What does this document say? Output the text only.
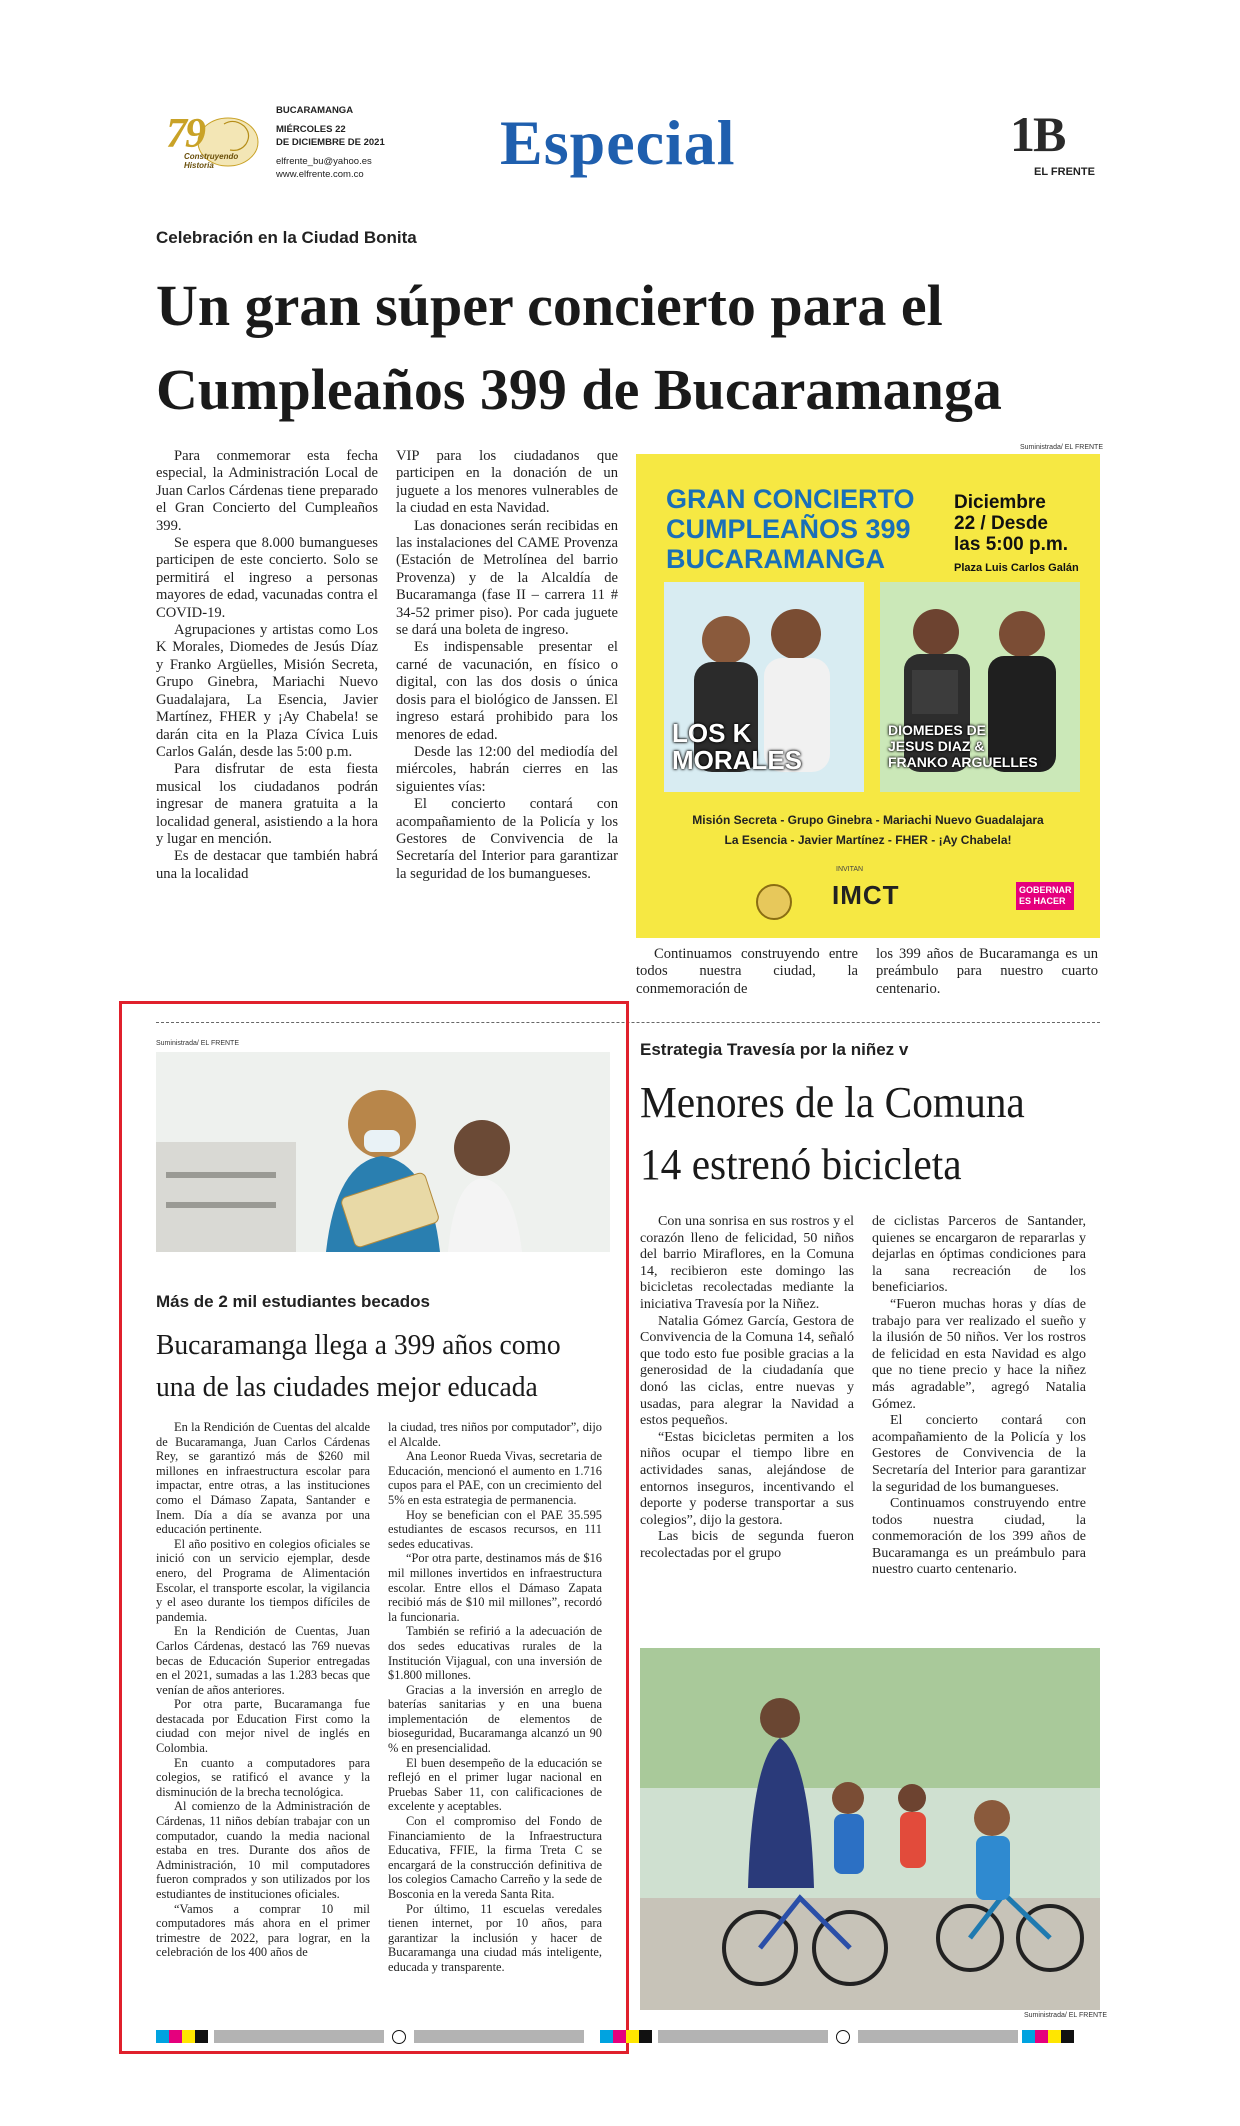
79
Construyendo Historia
BUCARAMANGA
MIÉRCOLES 22
DE DICIEMBRE DE 2021
elfrente_bu@yahoo.es
www.elfrente.com.co	Especial	1B
EL FRENTE
Celebración en la Ciudad Bonita
Un gran súper concierto para el
Cumpleaños 399 de Bucaramanga

Para conmemorar esta fecha especial, la Administración Local de Juan Carlos Cárdenas tiene preparado el Gran Concierto del Cumpleaños 399.

Se espera que 8.000 bumangueses participen de este concierto. Solo se permitirá el ingreso a personas mayores de edad, vacunadas contra el COVID-19.

Agrupaciones y artistas como Los K Morales, Diomedes de Jesús Díaz y Franko Argüelles, Misión Secreta, Grupo Ginebra, Mariachi Nuevo Guadalajara, La Esencia, Javier Martínez, FHER y ¡Ay Chabela! se darán cita en la Plaza Cívica Luis Carlos Galán, desde las 5:00 p.m.

Para disfrutar de esta fiesta musical los ciudadanos podrán ingresar de manera gratuita a la localidad general, asistiendo a la hora y lugar en mención.

Es de destacar que también habrá una la localidad

VIP para los ciudadanos que participen en la donación de un juguete a los menores vulnerables de la ciudad en esta Navidad.

Las donaciones serán recibidas en las instalaciones del CAME Provenza (Estación de Metrolínea del barrio Provenza) y de la Alcaldía de Bucaramanga (fase II – carrera 11 # 34-52 primer piso). Por cada juguete se dará una boleta de ingreso.

Es indispensable presentar el carné de vacunación, en físico o digital, con las dos dosis o única dosis para el biológico de Janssen. El ingreso estará prohibido para los menores de edad.

Desde las 12:00 del mediodía del miércoles, habrán cierres en las siguientes vías:

El concierto contará con acompañamiento de la Policía y los Gestores de Convivencia de la Secretaría del Interior para garantizar la seguridad de los bumangueses.

Suministrada/ EL FRENTE
GRAN CONCIERTO
CUMPLEAÑOS 399
BUCARAMANGA
Diciembre
22 / Desde
las 5:00 p.m.
Plaza Luis Carlos Galán
LOS K
MORALES
DIOMEDES DE
JESUS DIAZ &
FRANKO ARGUELLES
Misión Secreta - Grupo Ginebra - Mariachi Nuevo Guadalajara
La Esencia - Javier Martínez - FHER - ¡Ay Chabela!
INVITAN
IMCT	GOBERNAR ES HACER
Continuamos construyendo entre todos nuestra ciudad, la conmemoración de
los 399 años de Bucaramanga es un preámbulo para nuestro cuarto centenario.
Suministrada/ EL FRENTE
Más de 2 mil estudiantes becados
Bucaramanga llega a 399 años como
una de las ciudades mejor educada

En la Rendición de Cuentas del alcalde de Bucaramanga, Juan Carlos Cárdenas Rey, se garantizó más de $260 mil millones en infraestructura escolar para impactar, entre otras, a las instituciones como el Dámaso Zapata, Santander e Inem. Día a día se avanza por una educación pertinente.

El año positivo en colegios oficiales se inició con un servicio ejemplar, desde enero, del Programa de Alimentación Escolar, el transporte escolar, la vigilancia y el aseo durante los tiempos difíciles de pandemia.

En la Rendición de Cuentas, Juan Carlos Cárdenas, destacó las 769 nuevas becas de Educación Superior entregadas en el 2021, sumadas a las 1.283 becas que venían de años anteriores.

Por otra parte, Bucaramanga fue destacada por Education First como la ciudad con mejor nivel de inglés en Colombia.

En cuanto a computadores para colegios, se ratificó el avance y la disminución de la brecha tecnológica.

Al comienzo de la Administración de Cárdenas, 11 niños debían trabajar con un computador, cuando la media nacional estaba en tres. Durante dos años de Administración, 10 mil computadores fueron comprados y son utilizados por los estudiantes de instituciones oficiales.

“Vamos a comprar 10 mil computadores más ahora en el primer trimestre de 2022, para lograr, en la celebración de los 400 años de

la ciudad, tres niños por computador”, dijo el Alcalde.

Ana Leonor Rueda Vivas, secretaria de Educación, mencionó el aumento en 1.716 cupos para el PAE, con un crecimiento del 5% en esta estrategia de permanencia.

Hoy se benefician con el PAE 35.595 estudiantes de escasos recursos, en 111 sedes educativas.

“Por otra parte, destinamos más de $16 mil millones invertidos en infraestructura escolar. Entre ellos el Dámaso Zapata recibió más de $10 mil millones”, recordó la funcionaria.

También se refirió a la adecuación de dos sedes educativas rurales de la Institución Vijagual, con una inversión de $1.800 millones.

Gracias a la inversión en arreglo de baterías sanitarias y en una buena implementación de elementos de bioseguridad, Bucaramanga alcanzó un 90 % en presencialidad.

El buen desempeño de la educación se reflejó en el primer lugar nacional en Pruebas Saber 11, con calificaciones de excelente y aceptables.

Con el compromiso del Fondo de Financiamiento de la Infraestructura Educativa, FFIE, la firma Treta C se encargará de la construcción definitiva de los colegios Camacho Carreño y la sede de Bosconia en la vereda Santa Rita.

Por último, 11 escuelas veredales tienen internet, por 10 años, para garantizar la inclusión y hacer de Bucaramanga una ciudad más inteligente, educada y transparente.

Estrategia Travesía por la niñez v
Menores de la Comuna
14 estrenó bicicleta

Con una sonrisa en sus rostros y el corazón lleno de felicidad, 50 niños del barrio Miraflores, en la Comuna 14, recibieron este domingo las bicicletas recolectadas mediante la iniciativa Travesía por la Niñez.

Natalia Gómez García, Gestora de Convivencia de la Comuna 14, señaló que todo esto fue posible gracias a la generosidad de la ciudadanía que donó las ciclas, entre nuevas y usadas, para alegrar la Navidad a estos pequeños.

“Estas bicicletas permiten a los niños ocupar el tiempo libre en actividades sanas, alejándose de entornos inseguros, incentivando el deporte y poderse transportar a sus colegios”, dijo la gestora.

Las bicis de segunda fueron recolectadas por el grupo

de ciclistas Parceros de Santander, quienes se encargaron de repararlas y dejarlas en óptimas condiciones para la sana recreación de los beneficiarios.

“Fueron muchas horas y días de trabajo para ver realizado el sueño y la ilusión de 50 niños. Ver los rostros de felicidad en esta Navidad es algo que no tiene precio y hace la niñez más agradable”, agregó Natalia Gómez.

El concierto contará con acompañamiento de la Policía y los Gestores de Convivencia de la Secretaría del Interior para garantizar la seguridad de los bumangueses.

Continuamos construyendo entre todos nuestra ciudad, la conmemoración de los 399 años de Bucaramanga es un preámbulo para nuestro cuarto centenario.

Suministrada/ EL FRENTE
